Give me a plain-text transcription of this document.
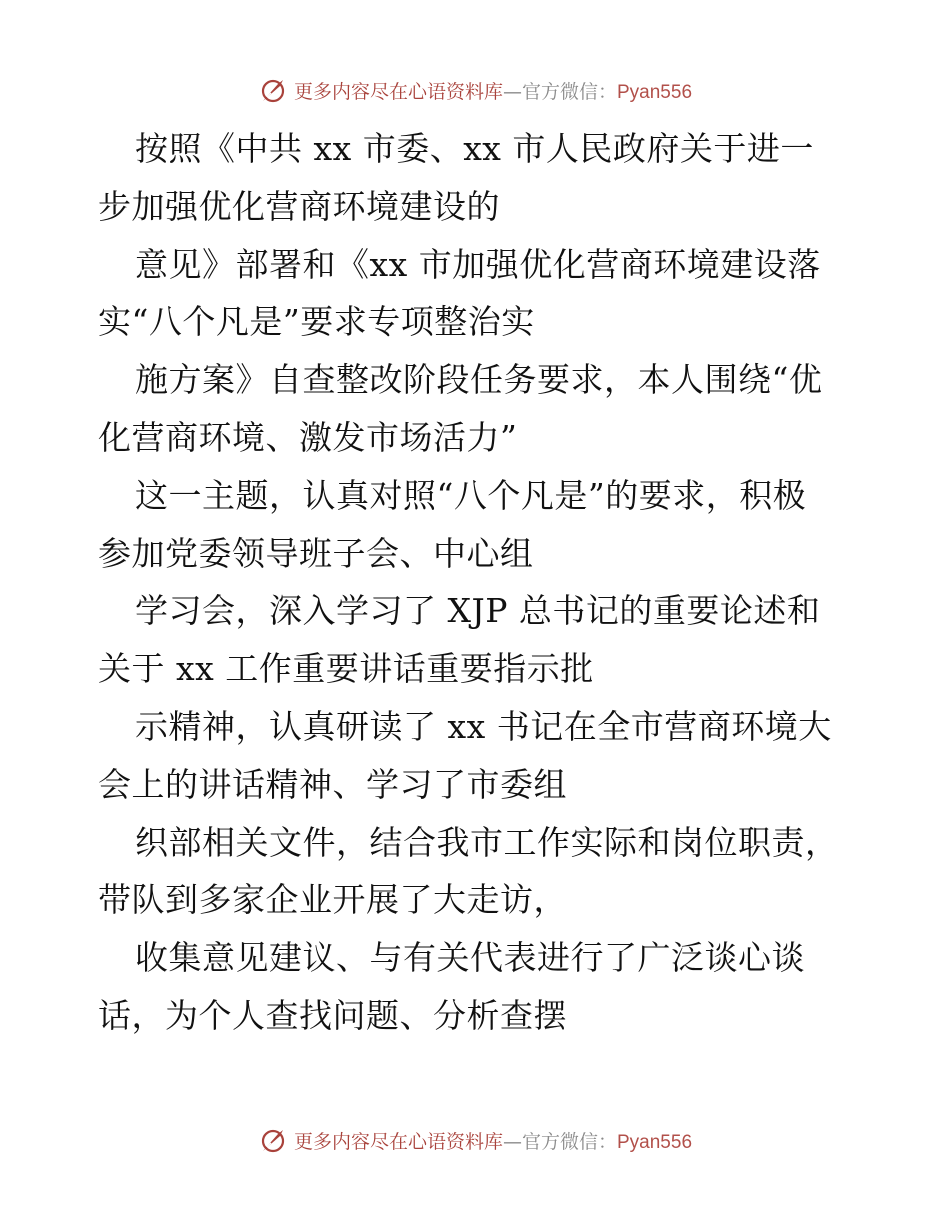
更多内容尽在心语资料库—官方微信：Pyan556
按照《中共 xx 市委、xx 市人民政府关于进一
步加强优化营商环境建设的
意见》部署和《xx 市加强优化营商环境建设落
实“八个凡是”要求专项整治实
施方案》自查整改阶段任务要求，本人围绕“优
化营商环境、激发市场活力”
这一主题，认真对照“八个凡是”的要求，积极
参加党委领导班子会、中心组
学习会，深入学习了 XJP 总书记的重要论述和
关于 xx 工作重要讲话重要指示批
示精神，认真研读了 xx 书记在全市营商环境大
会上的讲话精神、学习了市委组
织部相关文件，结合我市工作实际和岗位职责，
带队到多家企业开展了大走访，
收集意见建议、与有关代表进行了广泛谈心谈
话，为个人查找问题、分析查摆
更多内容尽在心语资料库—官方微信：Pyan556
